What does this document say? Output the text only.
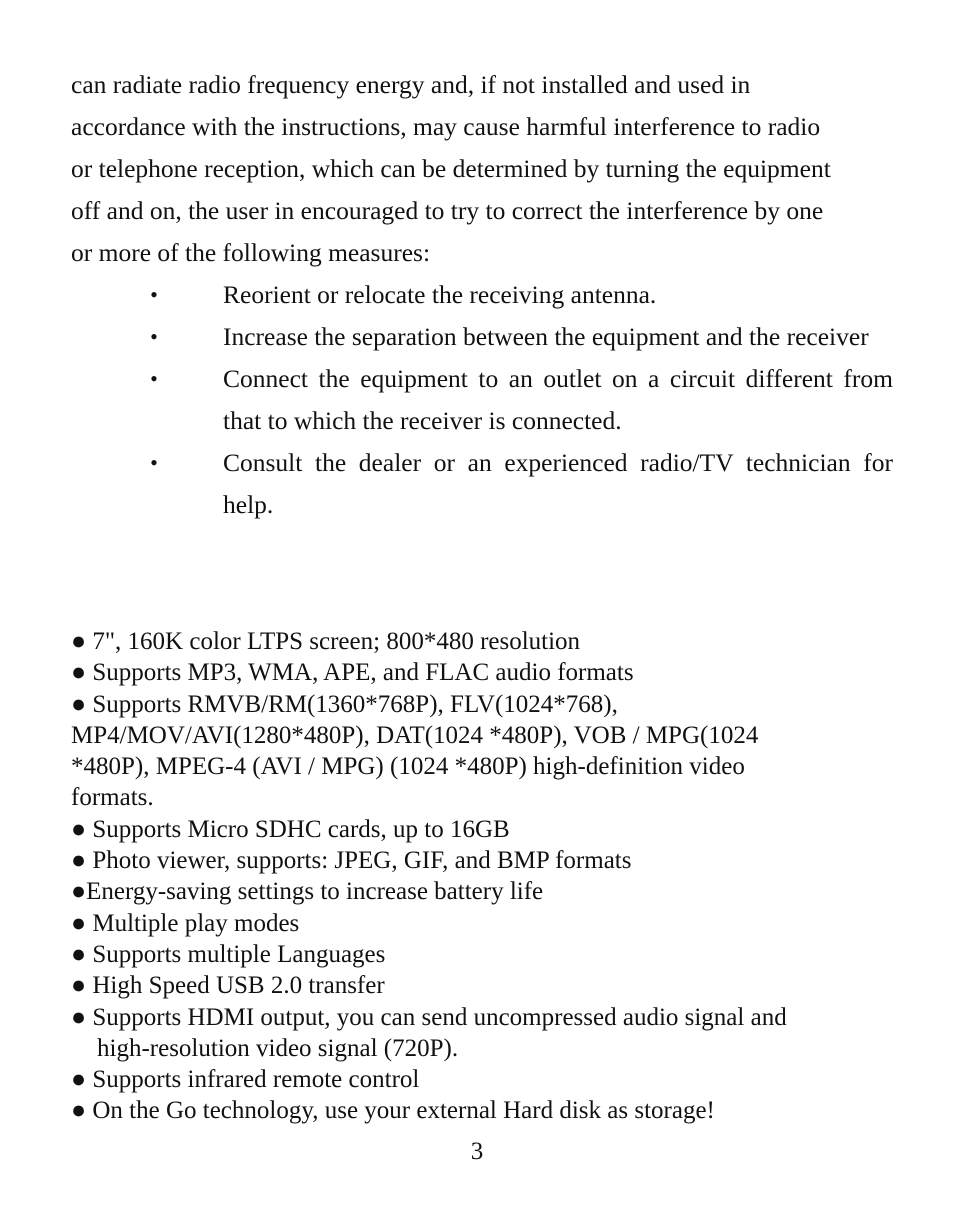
can radiate radio frequency energy and, if not installed and used in
accordance with the instructions, may cause harmful interference to radio
or telephone reception, which can be determined by turning the equipment
off and on, the user in encouraged to try to correct the interference by one
or more of the following measures:
•	Reorient or relocate the receiving antenna.
•	Increase the separation between the equipment and the receiver
•	Connect the equipment to an outlet on a circuit different from that to which the receiver is connected.
•	Consult the dealer or an experienced radio/TV technician for help.
● 7", 160K color LTPS screen; 800*480 resolution
● Supports MP3, WMA, APE, and FLAC audio formats
● Supports RMVB/RM(1360*768P), FLV(1024*768),
MP4/MOV/AVI(1280*480P), DAT(1024 *480P), VOB / MPG(1024
*480P), MPEG-4 (AVI / MPG) (1024 *480P) high-definition video
formats.
● Supports Micro SDHC cards, up to 16GB
● Photo viewer, supports: JPEG, GIF, and BMP formats
●Energy-saving settings to increase battery life
● Multiple play modes
● Supports multiple Languages
● High Speed USB 2.0 transfer
● Supports HDMI output, you can send uncompressed audio signal and
high-resolution video signal (720P).
● Supports infrared remote control
● On the Go technology, use your external Hard disk as storage!
3
